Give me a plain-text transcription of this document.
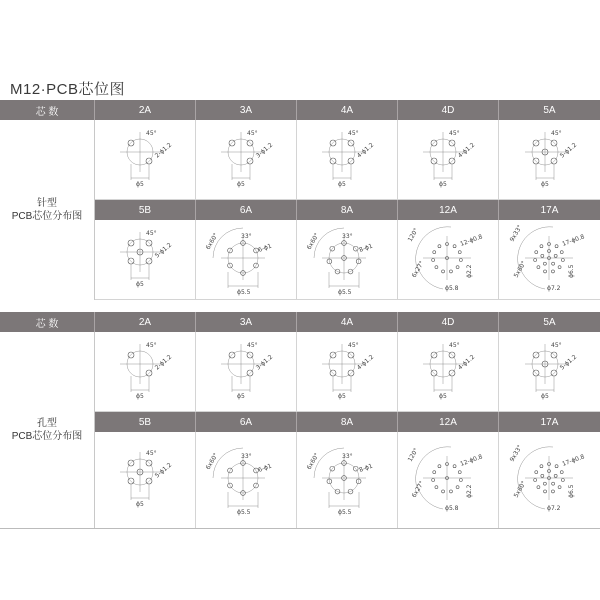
M12·PCB芯位图
芯 数	2A	3A	4A	4D	5A
针型
PCB芯位分布图
ϕ5
45°
2-ϕ1.2
ϕ5
45°
3-ϕ1.2
ϕ5
45°
4-ϕ1.2
ϕ5
45°
4-ϕ1.2
ϕ5
45°
5-ϕ1.2
5B	6A	8A	12A	17A
ϕ5
45°
5-ϕ1.2
ϕ5.5
33°
6x60°	6-ϕ1
ϕ5.5
33°
6x60°	8-ϕ1
12-ϕ0.8
120°
6x27°
ϕ5.8
ϕ2.2
17-ϕ0.8
9x33°
5x60°
ϕ7.2
ϕ6.5
芯 数	2A	3A	4A	4D	5A
孔型
PCB芯位分布图
ϕ5
45°
2-ϕ1.2
ϕ5
45°
3-ϕ1.2
ϕ5
45°
4-ϕ1.2
ϕ5
45°
4-ϕ1.2
ϕ5
45°
5-ϕ1.2
5B	6A	8A	12A	17A
ϕ5
45°
5-ϕ1.2
ϕ5.5
33°
6x60°	6-ϕ1
ϕ5.5
33°
6x60°	8-ϕ1
12-ϕ0.8
120°
6x27°
ϕ5.8
ϕ2.2
17-ϕ0.8
9x33°
5x60°
ϕ7.2
ϕ6.5
